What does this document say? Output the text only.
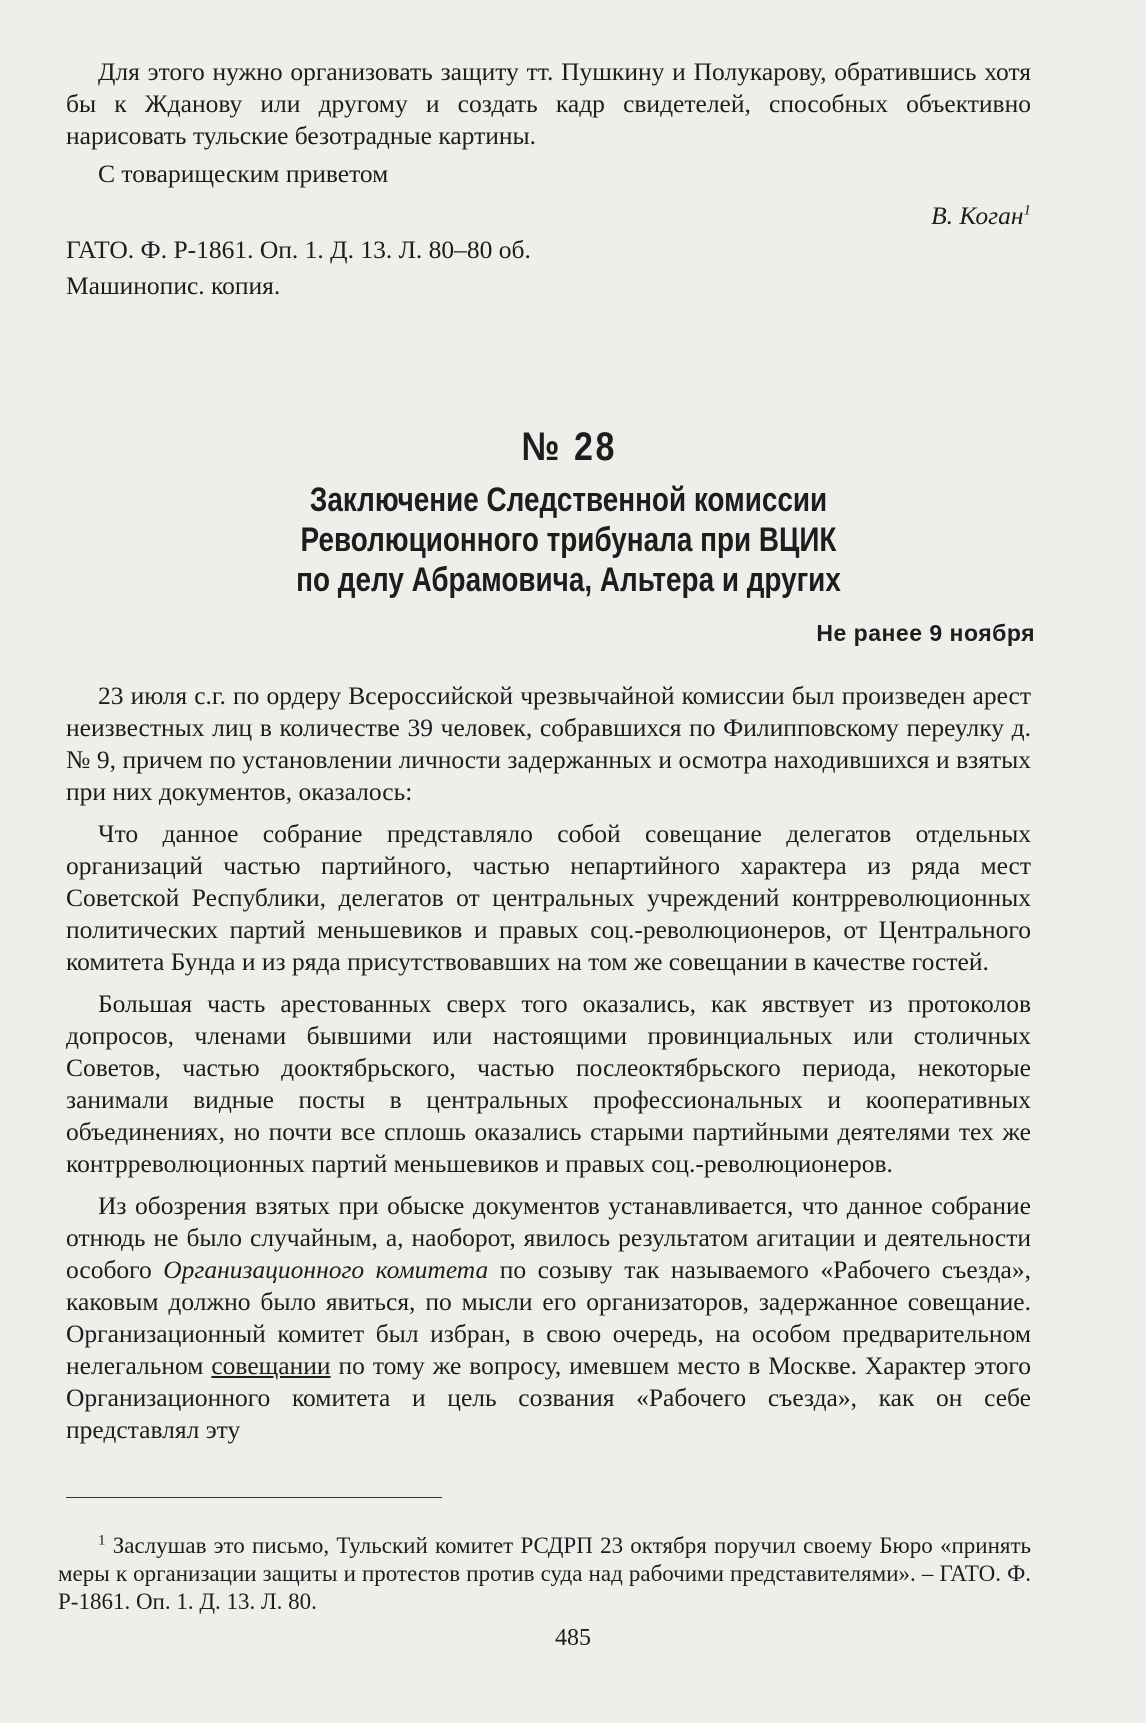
Для этого нужно организовать защиту тт. Пушкину и Полукарову, обратившись хотя бы к Жданову или другому и создать кадр свидетелей, способных объективно нарисовать тульские безотрадные картины.

С товарищеским приветом

В. Коган$^1$

ГАТО. Ф. Р-1861. Оп. 1. Д. 13. Л. 80–80 об.

Машинопис. копия.

№ 28
Заключение Следственной комиссии
Революционного трибунала при ВЦИК
по делу Абрамовича, Альтера и других
Не ранее 9 ноября

23 июля с.г. по ордеру Всероссийской чрезвычайной комиссии был произведен арест неизвестных лиц в количестве 39 человек, собравшихся по Филипповскому переулку д. № 9, причем по установлении личности задержанных и осмотра находившихся и взятых при них документов, оказалось:

Что данное собрание представляло собой совещание делегатов отдельных организаций частью партийного, частью непартийного характера из ряда мест Советской Республики, делегатов от центральных учреждений контрреволюционных политических партий меньшевиков и правых соц.-революционеров, от Центрального комитета Бунда и из ряда присутствовавших на том же совещании в качестве гостей.

Большая часть арестованных сверх того оказались, как явствует из протоколов допросов, членами бывшими или настоящими провинциальных или столичных Советов, частью дооктябрьского, частью послеоктябрьского периода, некоторые занимали видные посты в центральных профессиональных и кооперативных объединениях, но почти все сплошь оказались старыми партийными деятелями тех же контрреволюционных партий меньшевиков и правых соц.-революционеров.

Из обозрения взятых при обыске документов устанавливается, что данное собрание отнюдь не было случайным, а, наоборот, явилось результатом агитации и деятельности особого Организационного комитета по созыву так называемого «Рабочего съезда», каковым должно было явиться, по мысли его организаторов, задержанное совещание. Организационный комитет был избран, в свою очередь, на особом предварительном нелегальном совещании по тому же вопросу, имевшем место в Москве. Характер этого Организационного комитета и цель созвания «Рабочего съезда», как он себе представлял эту

$^1$ Заслушав это письмо, Тульский комитет РСДРП 23 октября поручил своему Бюро «принять меры к организации защиты и протестов против суда над рабочими представителями». – ГАТО. Ф. Р-1861. Оп. 1. Д. 13. Л. 80.

485
